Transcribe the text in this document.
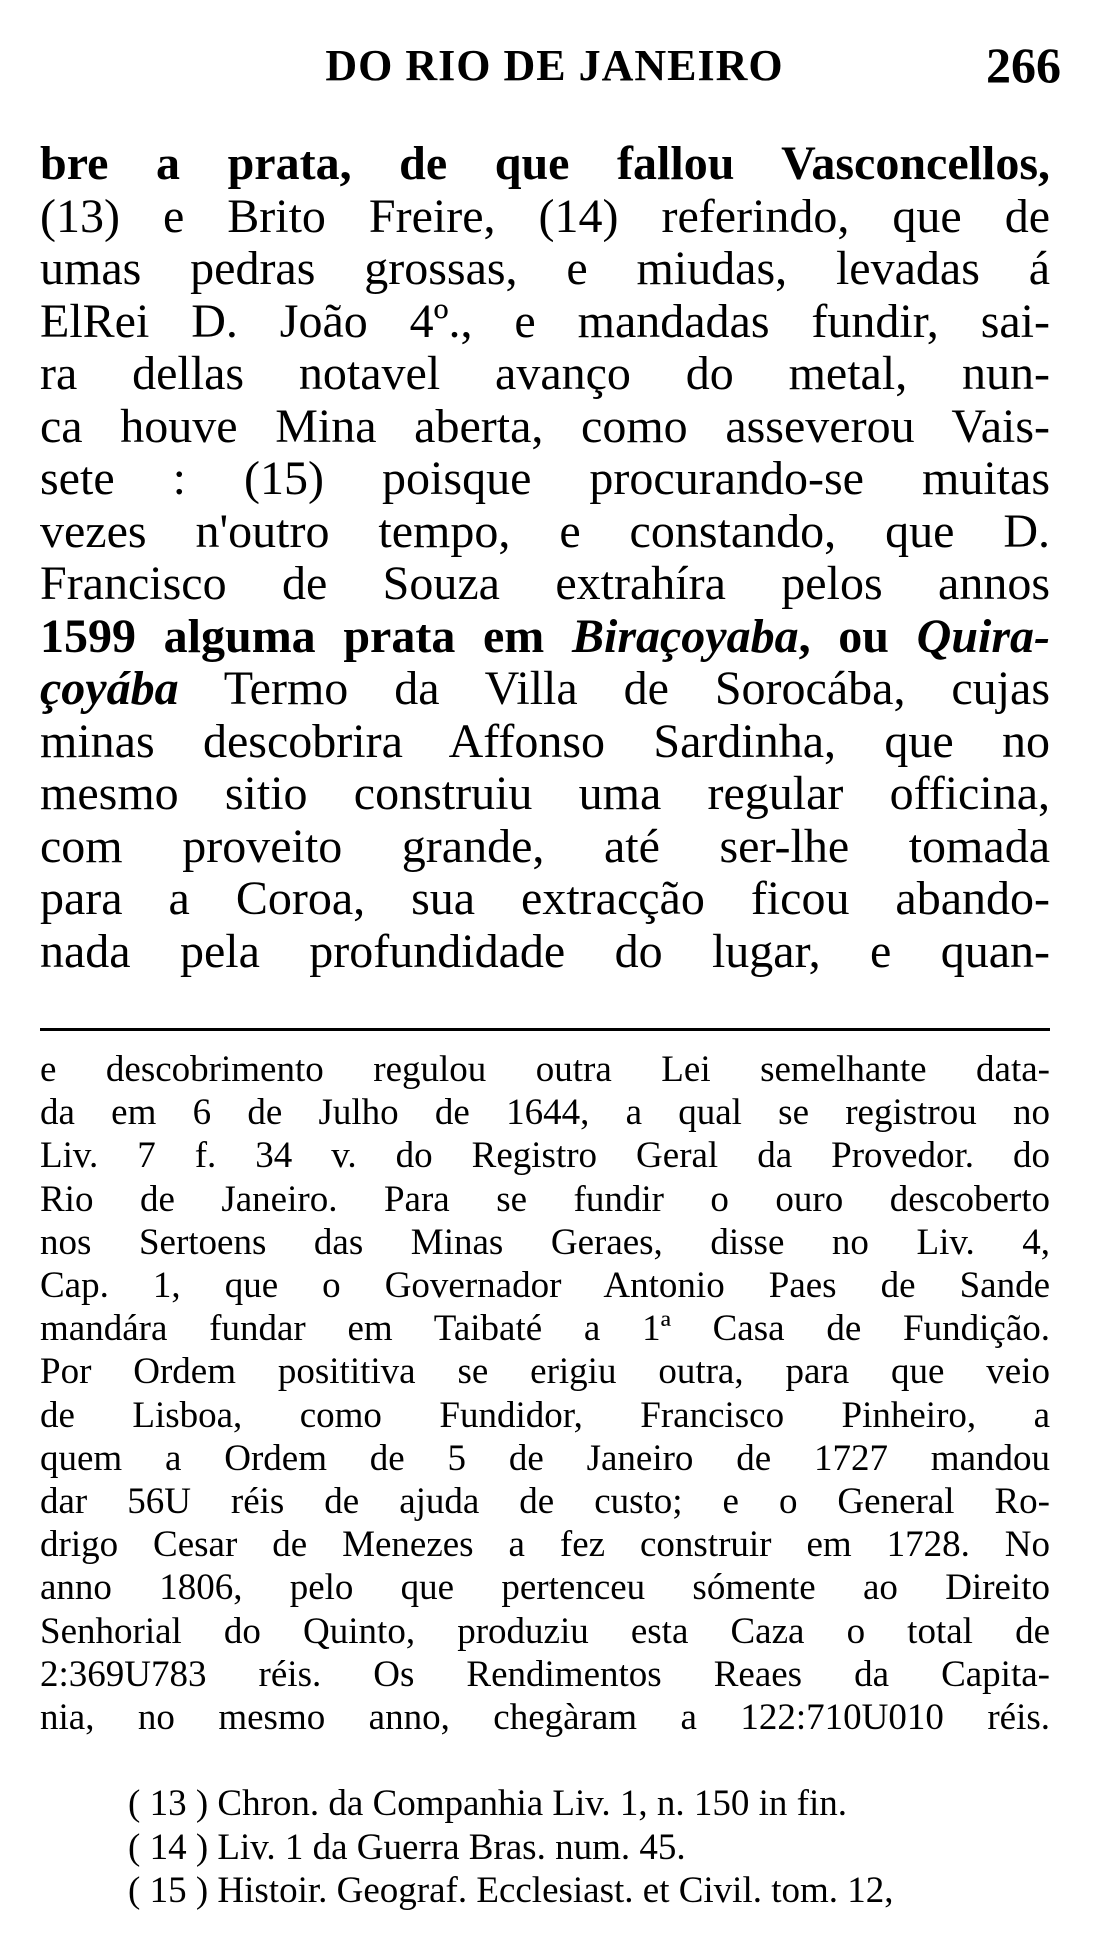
DO RIO DE JANEIRO	266
bre a prata, de que fallou Vasconcellos,
(13) e Brito Freire, (14) referindo, que de
umas pedras grossas, e miudas, levadas á
ElRei D. João 4º., e mandadas fundir, sai-
ra dellas notavel avanço do metal, nun-
ca houve Mina aberta, como asseverou Vais-
sete : (15) poisque procurando-se muitas
vezes n'outro tempo, e constando, que D.
Francisco de Souza extrahíra pelos annos
1599 alguma prata em Biraçoyaba, ou Quira-
çoyába Termo da Villa de Sorocába, cujas
minas descobrira Affonso Sardinha, que no
mesmo sitio construiu uma regular officina,
com proveito grande, até ser-lhe tomada
para a Coroa, sua extracção ficou abando-
nada pela profundidade do lugar, e quan-
e descobrimento regulou outra Lei semelhante data-
da em 6 de Julho de 1644, a qual se registrou no
Liv. 7 f. 34 v. do Registro Geral da Provedor. do
Rio de Janeiro. Para se fundir o ouro descoberto
nos Sertoens das Minas Geraes, disse no Liv. 4,
Cap. 1, que o Governador Antonio Paes de Sande
mandára fundar em Taibaté a 1ª Casa de Fundição.
Por Ordem posititiva se erigiu outra, para que veio
de Lisboa, como Fundidor, Francisco Pinheiro, a
quem a Ordem de 5 de Janeiro de 1727 mandou
dar 56U réis de ajuda de custo; e o General Ro-
drigo Cesar de Menezes a fez construir em 1728. No
anno 1806, pelo que pertenceu sómente ao Direito
Senhorial do Quinto, produziu esta Caza o total de
2:369U783 réis. Os Rendimentos Reaes da Capita-
nia, no mesmo anno, chegàram a 122:710U010 réis.
( 13 ) Chron. da Companhia Liv. 1, n. 150 in fin.
( 14 ) Liv. 1 da Guerra Bras. num. 45.
( 15 ) Histoir. Geograf. Ecclesiast. et Civil. tom. 12,
